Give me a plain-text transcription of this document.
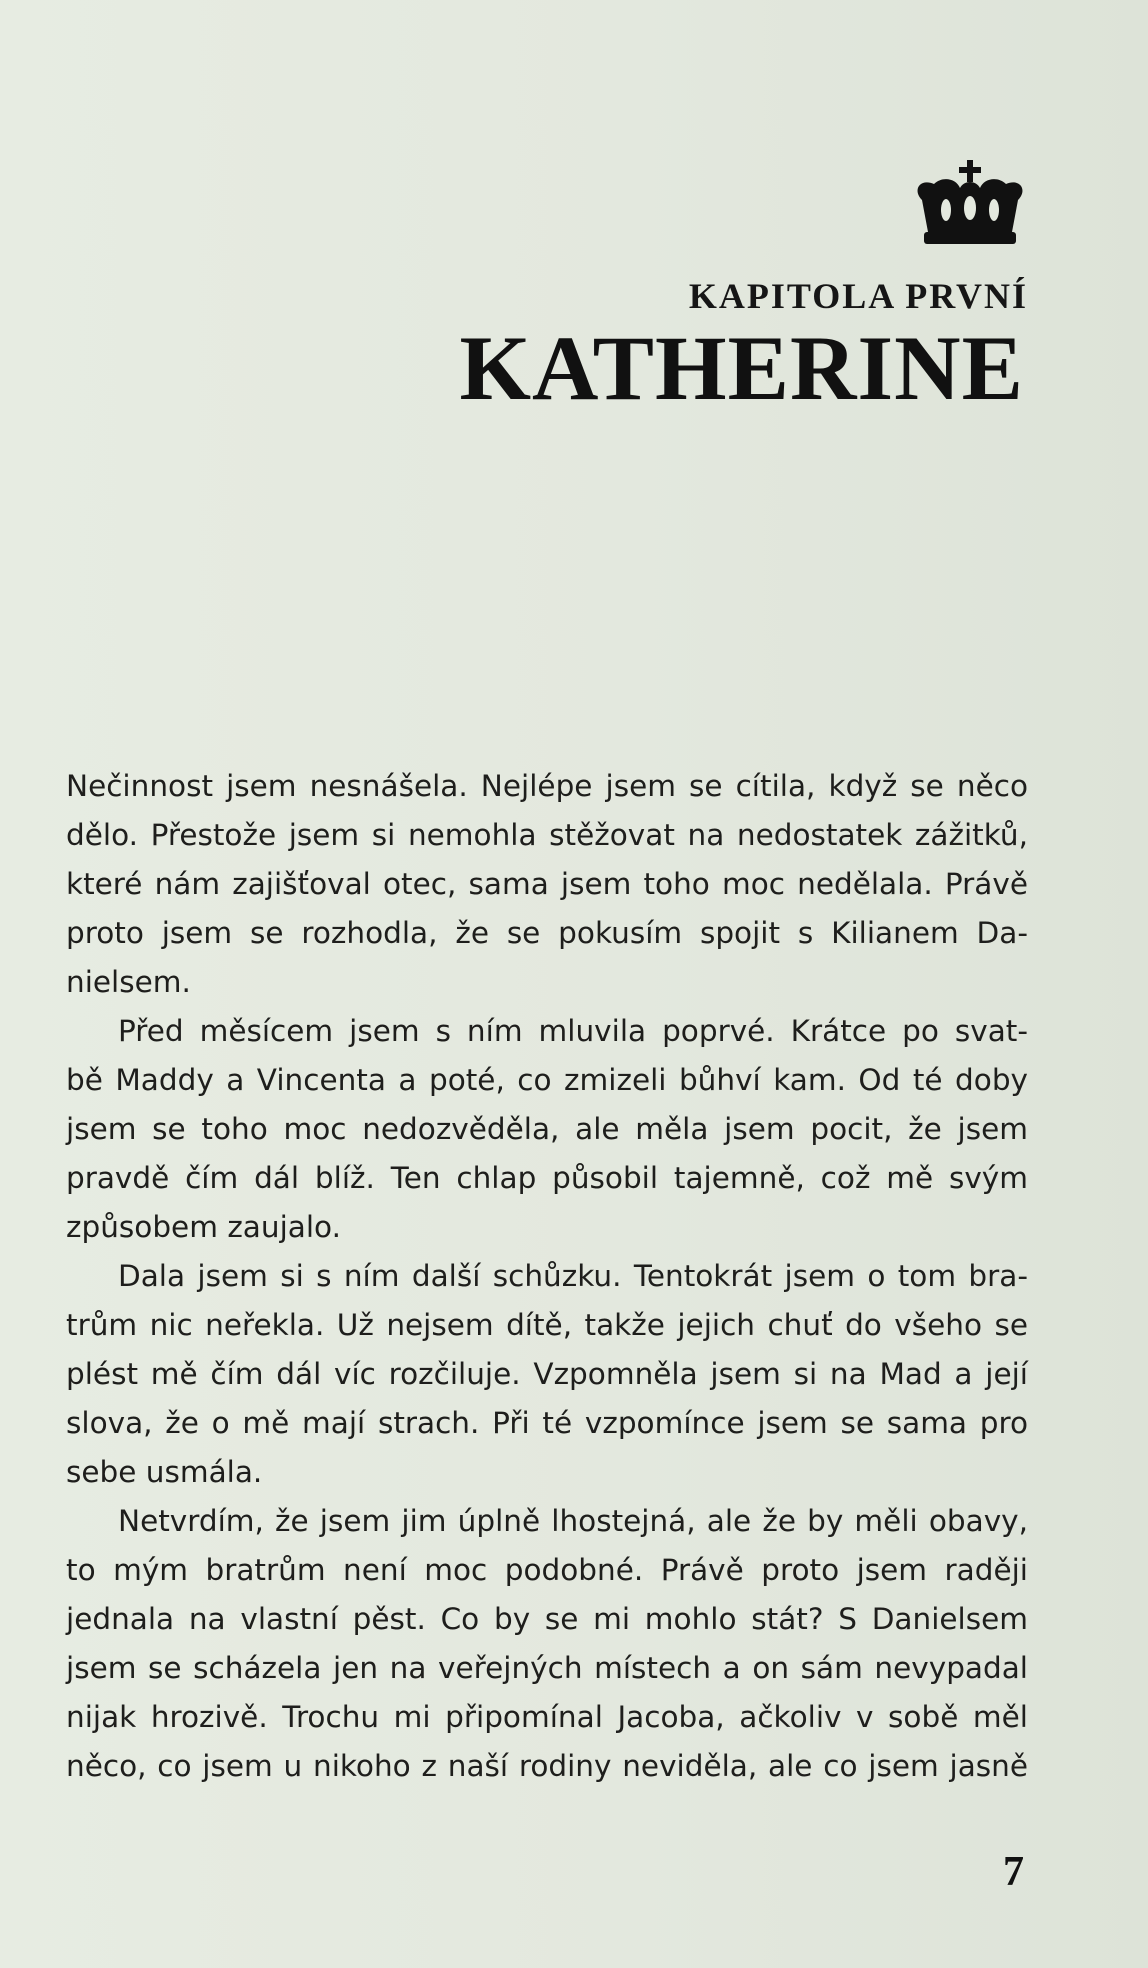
KAPITOLA PRVNÍ
KATHERINE
Nečinnost jsem nesnášela. Nejlépe jsem se cítila, když se něco
dělo. Přestože jsem si nemohla stěžovat na nedostatek zážitků,
které nám zajišťoval otec, sama jsem toho moc nedělala. Právě
proto jsem se rozhodla, že se pokusím spojit s Kilianem Da-
nielsem.
Před měsícem jsem s ním mluvila poprvé. Krátce po svat-
bě Maddy a Vincenta a poté, co zmizeli bůhví kam. Od té doby
jsem se toho moc nedozvěděla, ale měla jsem pocit, že jsem
pravdě čím dál blíž. Ten chlap působil tajemně, což mě svým
způsobem zaujalo.
Dala jsem si s ním další schůzku. Tentokrát jsem o tom bra-
trům nic neřekla. Už nejsem dítě, takže jejich chuť do všeho se
plést mě čím dál víc rozčiluje. Vzpomněla jsem si na Mad a její
slova, že o mě mají strach. Při té vzpomínce jsem se sama pro
sebe usmála.
Netvrdím, že jsem jim úplně lhostejná, ale že by měli obavy,
to mým bratrům není moc podobné. Právě proto jsem raději
jednala na vlastní pěst. Co by se mi mohlo stát? S Danielsem
jsem se scházela jen na veřejných místech a on sám nevypadal
nijak hrozivě. Trochu mi připomínal Jacoba, ačkoliv v sobě měl
něco, co jsem u nikoho z naší rodiny neviděla, ale co jsem jasně
7
